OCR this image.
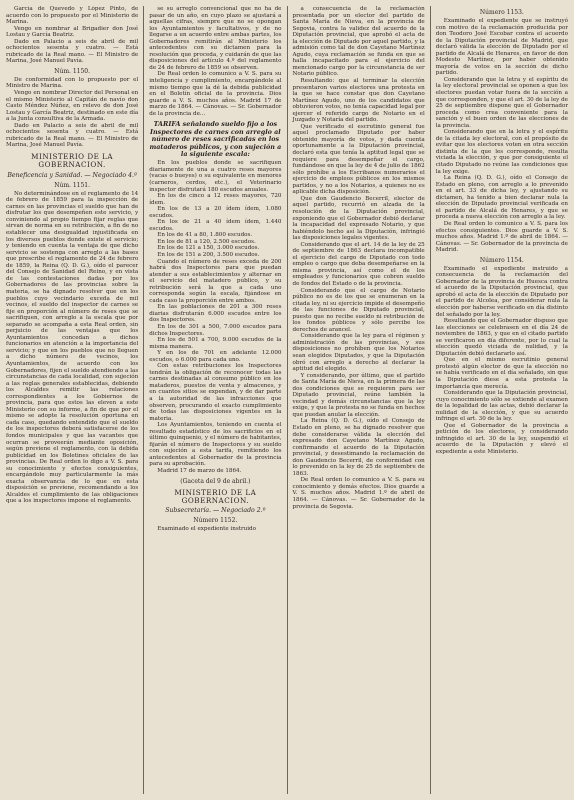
García de Quevedo y López Pinto, de acuerdo con lo propuesto por el Ministerio de Marina.

Vengo en nombrar al Brigadier don José Lostau y García Beatriz.

Dado en Palacio a seis de abril de mil ochocientos sesenta y cuatro. — Está rubricado de la Real mano. — El Ministro de Marina, José Manuel Pavía.

Núm. 1150.

De conformidad con lo propuesto por el Ministro de Marina.

Vengo en nombrar Director del Personal en el mismo Ministerio al Capitán de navío don Casto Méndez Núñez, en relevo de don José Lostau y García Beatriz, destinado en este día a la Junta consultiva de la Armada.

Dado en Palacio a seis de abril de mil ochocientos sesenta y cuatro. — Está rubricado de la Real mano. — El Ministro de Marina, José Manuel Pavía.

MINISTERIO DE LA GOBERNACION.

Beneficencia y Sanidad. — Negociado 4.º

Núm. 1151.

No determinándose en el reglamento de 14 de febrero de 1859 para la inspección de carnes en las provincias el sueldo que han de disfrutar los que desempeñen este servicio, y conviniendo al propio tiempo fijar reglas que sirvan de norma en su retribución, a fin de no establecer una desigualdad injustificada en los diversos pueblos donde existe el servicio; y teniendo en cuenta la ventaja de que dicho servicio se sostenga con arreglo a las bases que prescribe el reglamento de 24 de febrero de 1859, la Reina (Q. D. G.), oído el parecer del Consejo de Sanidad del Reino, y en vista de las contestaciones dadas por los Gobernadores de las provincias sobre la materia, se ha dignado resolver que en los pueblos cuyo vecindario exceda de mil vecinos, el sueldo del inspector de carnes se fije en proporción al número de reses que se sacrifiquen, con arreglo a la escala que por separado se acompaña a esta Real orden, sin perjuicio de las ventajas que los Ayuntamientos concedan a dichos funcionarios en atención a la importancia del servicio; y que en los pueblos que no lleguen a dicho número de vecinos, los Ayuntamientos, de acuerdo con los Gobernadores, fijen el sueldo atendiendo a las circunstancias de cada localidad, con sujeción a las reglas generales establecidas, debiendo los Alcaldes remitir las relaciones correspondientes a los Gobiernos de provincia, para que estos las eleven a este Ministerio con su informe, a fin de que por el mismo se adopte la resolución oportuna en cada caso, quedando entendido que el sueldo de los inspectores deberá satisfacerse de los fondos municipales y que las vacantes que ocurran se proveerán mediante oposición, según previene el reglamento, con la debida publicidad en los Boletines oficiales de las provincias. De Real orden lo digo a V. S. para su conocimiento y efectos consiguientes, encargándole muy particularmente la más exacta observancia de lo que en esta disposición se previene, recomendando a los Alcaldes el cumplimiento de las obligaciones que a los inspectores impone el reglamento.

se su arreglo convencional que no ha de pasar de un año, en cuyo plazo se ajustará a aquellas cifras, siempre que no se opongan los Ayuntamientos y facultativos, y de no llegarse a un acuerdo entre ambas partes, los Gobernadores remitirán al Ministerio los antecedentes con su dictamen para la resolución que proceda, y cuidarán de que las disposiciones del artículo 4.º del reglamento de 24 de febrero de 1859 se observen.

De Real orden lo comunico a V. S. para su inteligencia y cumplimiento, encargándole al mismo tiempo que la dé la debida publicidad en el Boletín oficial de la provincia. Dios guarde a V. S. muchos años. Madrid 17 de marzo de 1864. — Cánovas. — Sr. Gobernador de la provincia de...

TARIFA señalando sueldo fijo a los Inspectores de carnes con arreglo al número de reses sacrificadas en los mataderos públicos, y con sujeción a la siguiente escala:

En los pueblos donde se sacrifiquen diariamente de una a cuatro reses mayores (vacas o bueyes) o su equivalente en menores (carneros, cerdos, etc.), el Veterinario inspector disfrutará 180 escudos anuales.

En los de cinco a 12 reses mayores, 720 ídem.

En los de 13 a 20 ídem ídem, 1.080 escudos.

En los de 21 a 40 ídem ídem, 1.440 escudos.

En los de 41 a 80, 1.800 escudos.

En los de 81 a 120, 2.500 escudos.

En los de 121 a 150, 3.000 escudos.

En los de 151 a 200, 3.500 escudos.

Cuando el número de reses exceda de 200 habrá dos Inspectores para que puedan atender a sus establecimientos y alternar en el servicio del matadero público, y su retribución será la que a cada uno corresponda según la escala, fijándose en cada caso la proporción entre ambos.

En las poblaciones de 201 a 300 reses diarias disfrutarán 6.000 escudos entre los dos Inspectores.

En los de 301 a 500, 7.000 escudos para dichos Inspectores.

En los de 501 a 700, 9.000 escudos de la misma manera.

Y en los de 701 en adelante 12.000 escudos, o 6.000 para cada uno.

Con estas retribuciones los Inspectores tendrán la obligación de reconocer todas las carnes destinadas al consumo público en los mataderos, puestos de venta y almacenes, y en cuantos sitios se expendan, y de dar parte a la autoridad de las infracciones que observen, procurando el exacto cumplimiento de todas las disposiciones vigentes en la materia.

Los Ayuntamientos, teniendo en cuenta el resultado estadístico de los sacrificios en el último quinquenio, y el número de habitantes, fijarán el número de Inspectores y su sueldo con sujeción a esta tarifa, remitiendo los antecedentes al Gobernador de la provincia para su aprobación.

Madrid 17 de marzo de 1864.

(Gaceta del 9 de abril.)

MINISTERIO DE LA GOBERNACION.

Subsecretaría. — Negociado 2.º

Número 1152.

Examinado el expediente instruido

a consecuencia de la reclamación presentada por un elector del partido de Santa María de Nieva, en la provincia de Segovia, contra la validez del acuerdo de la Diputación provincial, que aprobó el acta de la elección de Diputado por aquel partido, y la admisión como tal de don Cayetano Martínez Agudo, cuya reclamación se funda en que se halla incapacitado para el ejercicio del mencionado cargo por la circunstancia de ser Notario público.

Resultando: que al terminar la elección presentaron varios electores una protesta en la que se hace constar que don Cayetano Martínez Agudo, uno de los candidatos que obtuvieron votos, no tenía capacidad legal por ejercer el referido cargo de Notario en el Juzgado y Notaría del partido.

Que verificado el escrutinio general fue aquel proclamado Diputado por haber obtenido mayoría de votos, y dada cuenta oportunamente a la Diputación provincial, declaró esta que tenía la aptitud legal que se requiere para desempeñar el cargo, fundándose en que la ley de 4 de julio de 1862 sólo prohíbe a los Escribanos numerarios el ejercicio de empleos públicos en los mismos partidos, y no a los Notarios, a quienes no es aplicable dicha disposición.

Que don Gaudencio Becerril, elector de aquel partido, recurrió en alzada de la resolución de la Diputación provincial, exponiendo que el Gobernador debió declarar la incapacidad del expresado Notario, y que habiéndolo hecho así la Diputación, infringió las disposiciones legales vigentes.

Considerando que el art. 14 de la ley de 25 de septiembre de 1863 declara incompatible el ejercicio del cargo de Diputado con todo empleo o cargo que deba desempeñarse en la misma provincia, así como el de los empleados y funcionarios que cobren sueldo de fondos del Estado o de la provincia.

Considerando que el cargo de Notario público no es de los que se enumeran en la citada ley, ni su ejercicio impide el desempeño de las funciones de Diputado provincial, puesto que no recibe sueldo ni retribución de los fondos públicos y sólo percibe los derechos de arancel.

Considerando que la ley para el régimen y administración de las provincias, y sus disposiciones no prohíben que los Notarios sean elegidos Diputados, y que la Diputación obró con arreglo a derecho al declarar la aptitud del elegido.

Y considerando, por último, que el partido de Santa María de Nieva, en la primera de las dos condiciones que se requieren para ser Diputado provincial, reúne también la vecindad y demás circunstancias que la ley exige, y que la protesta no se funda en hechos que puedan anular la elección.

La Reina (Q. D. G.), oído el Consejo de Estado en pleno, se ha dignado resolver que debe considerarse válida la elección del expresado don Cayetano Martínez Agudo, confirmando el acuerdo de la Diputación provincial, y desestimando la reclamación de don Gaudencio Becerril, de conformidad con lo prevenido en la ley de 25 de septiembre de 1863.

De Real orden lo comunico a V. S. para su conocimiento y demás efectos. Dios guarde a V. S. muchos años. Madrid 1.º de abril de 1864. — Cánovas. — Sr. Gobernador de la provincia de Segovia.

Número 1153.

Examinado el expediente que se instruyó con motivo de la reclamación producida por don Teodoro José Escobar contra el acuerdo de la Diputación provincial de Madrid, que declaró válida la elección de Diputado por el partido de Alcalá de Henares, en favor de don Modesto Martínez, por haber obtenido mayoría de votos en la sección de dicho partido.

Considerando que la letra y el espíritu de la ley electoral provincial se oponen a que los electores puedan votar fuera de la sección a que corresponden, y que el art. 30 de la ley de 25 de septiembre dispone que el Gobernador proceda como crea conveniente para la sanción y el buen orden de las elecciones de la provincia.

Considerando que en la letra y el espíritu de la citada ley electoral, con el propósito de evitar que los electores voten en otra sección distinta de la que les corresponde, resulta viciada la elección, y que por consiguiente el citado Diputado no reúne las condiciones que la ley exige.

La Reina (Q. D. G.), oído el Consejo de Estado en pleno, con arreglo a lo prevenido en el art. 33 de dicha ley, y ajustando su dictamen, ha tenido a bien declarar nula la elección de Diputado provincial verificada en el partido de Alcalá de Henares, y que se proceda a nueva elección con arreglo a la ley.

De Real orden lo comunico a V. S. para los efectos consiguientes. Dios guarde a V. S. muchos años. Madrid 1.º de abril de 1864. — Cánovas. — Sr. Gobernador de la provincia de Madrid.

Número 1154.

Examinado el expediente instruido a consecuencia de la reclamación del Gobernador de la provincia de Huesca contra el acuerdo de la Diputación provincial, que aprobó el acta de la elección de Diputado por el partido de Alcolea, por considerar nula la elección por haberse verificado en día distinto del señalado por la ley.

Resultando que el Gobernador dispuso que las elecciones se celebrasen en el día 24 de noviembre de 1863, y que en el citado partido se verificaron en día diferente, por lo cual la elección quedó viciada de nulidad, y la Diputación debió declararlo así.

Que en el mismo escrutinio general protestó algún elector de que la elección no se había verificado en el día señalado, sin que la Diputación diese a esta protesta la importancia que merecía.

Considerando que la Diputación provincial, cuyo conocimiento sólo se extiende al examen de la legalidad de las actas, debió declarar la nulidad de la elección, y que su acuerdo infringe el art. 30 de la ley.

Que el Gobernador de la provincia a petición de los electores, y considerando infringido el art. 30 de la ley, suspendió el acuerdo de la Diputación y elevó el expediente a este Ministerio.
